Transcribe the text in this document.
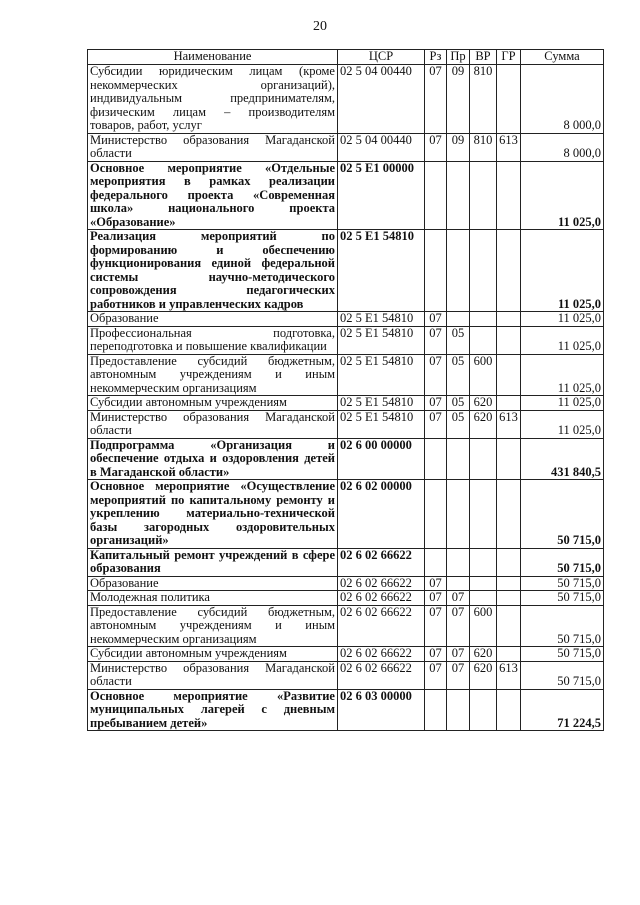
20
Наименование	ЦСР	Рз	Пр	ВР	ГР	Сумма
Субсидии юридическим лицам (кроме некоммерческих организаций), индивидуальным предпринимателям, физическим лицам – производителям товаров, работ, услуг	02 5 04 00440	07	09	810		8 000,0
Министерство образования Магаданской области	02 5 04 00440	07	09	810	613	8 000,0
Основное мероприятие «Отдельные мероприятия в рамках реализации федерального проекта «Современная школа» национального проекта «Образование»	02 5 E1 00000					11 025,0
Реализация мероприятий по формированию и обеспечению функционирования единой федеральной системы научно-методического сопровождения педагогических работников и управленческих кадров	02 5 E1 54810					11 025,0
Образование	02 5 E1 54810	07				11 025,0
Профессиональная подготовка, переподготовка и повышение квалификации	02 5 E1 54810	07	05			11 025,0
Предоставление субсидий бюджетным, автономным учреждениям и иным некоммерческим организациям	02 5 E1 54810	07	05	600		11 025,0
Субсидии автономным учреждениям	02 5 E1 54810	07	05	620		11 025,0
Министерство образования Магаданской области	02 5 E1 54810	07	05	620	613	11 025,0
Подпрограмма «Организация и обеспечение отдыха и оздоровления детей в Магаданской области»	02 6 00 00000					431 840,5
Основное мероприятие «Осуществление мероприятий по капитальному ремонту и укреплению материально-технической базы загородных оздоровительных организаций»	02 6 02 00000					50 715,0
Капитальный ремонт учреждений в сфере образования	02 6 02 66622					50 715,0
Образование	02 6 02 66622	07				50 715,0
Молодежная политика	02 6 02 66622	07	07			50 715,0
Предоставление субсидий бюджетным, автономным учреждениям и иным некоммерческим организациям	02 6 02 66622	07	07	600		50 715,0
Субсидии автономным учреждениям	02 6 02 66622	07	07	620		50 715,0
Министерство образования Магаданской области	02 6 02 66622	07	07	620	613	50 715,0
Основное мероприятие «Развитие муниципальных лагерей с дневным пребыванием детей»	02 6 03 00000					71 224,5
